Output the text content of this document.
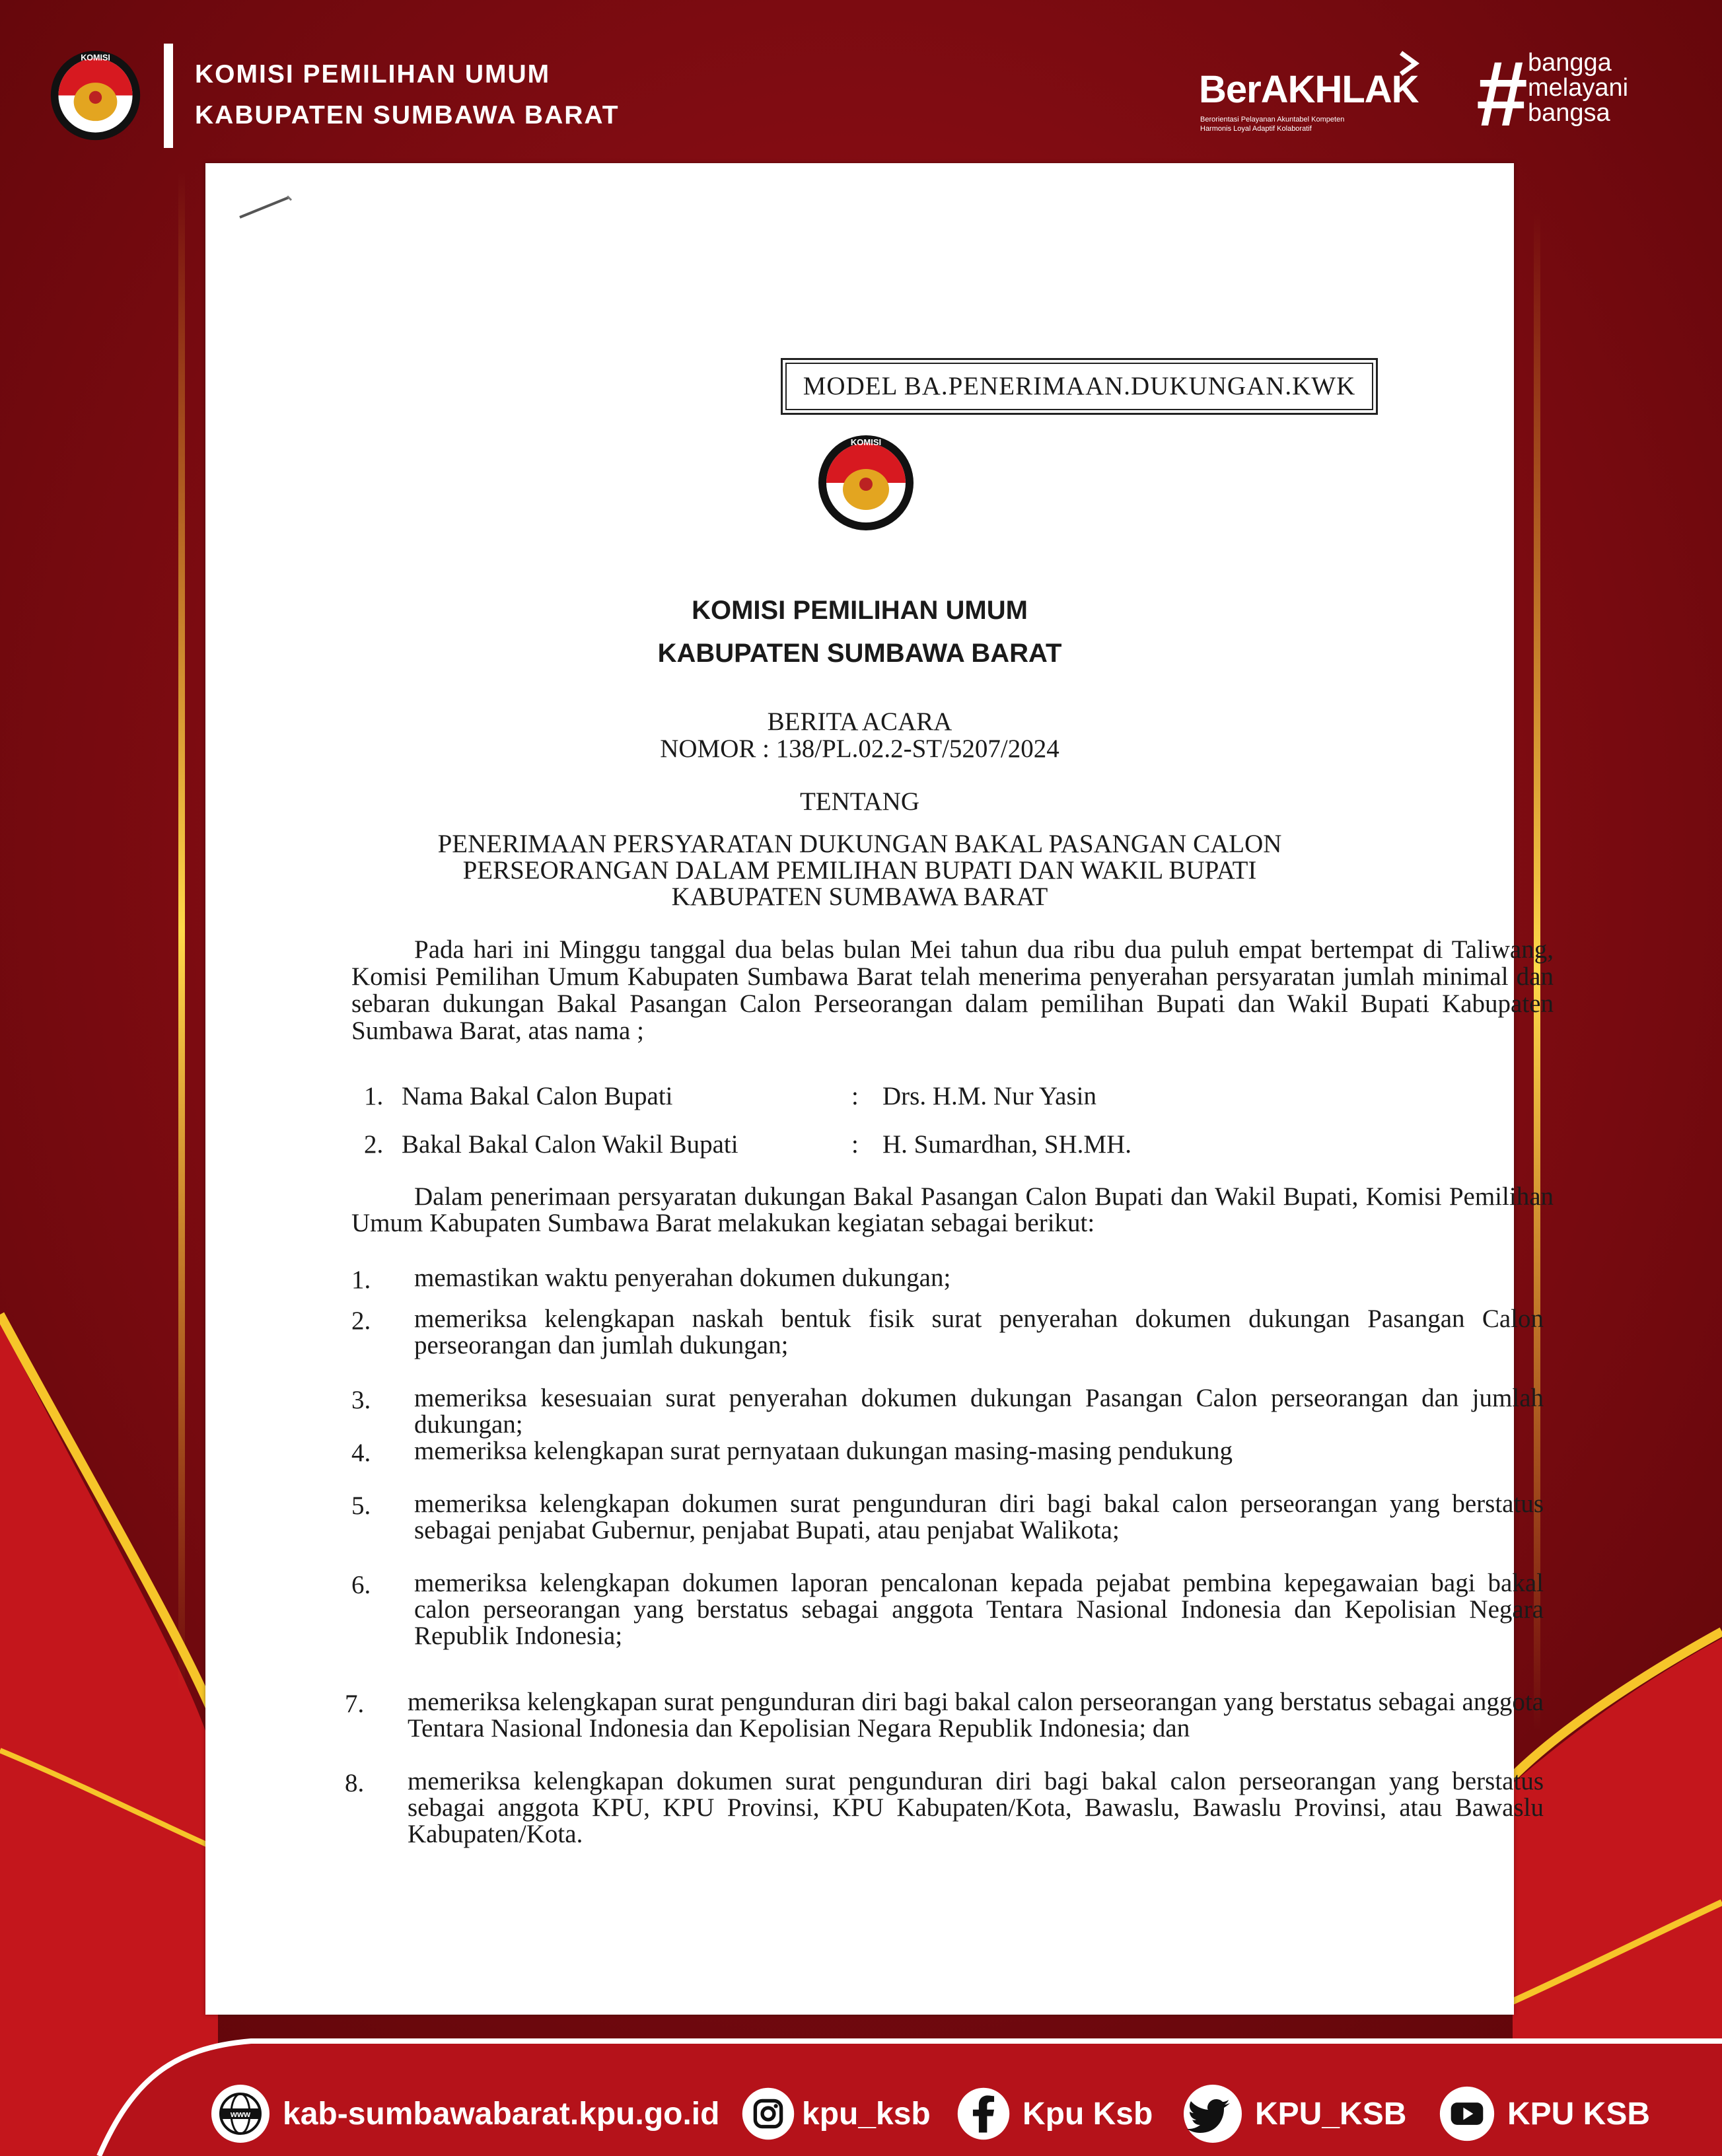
KOMISI
KOMISI PEMILIHAN UMUM
KABUPATEN SUMBAWA BARAT
BerAKHLAK
Berorientasi Pelayanan Akuntabel Kompeten
Harmonis Loyal Adaptif Kolaboratif	# bangga
melayani
bangsa
MODEL BA.PENERIMAAN.DUKUNGAN.KWK
KOMISI
KOMISI PEMILIHAN UMUM
KABUPATEN SUMBAWA BARAT
BERITA ACARA
NOMOR : 138/PL.02.2-ST/5207/2024
TENTANG
PENERIMAAN PERSYARATAN DUKUNGAN BAKAL PASANGAN CALON
PERSEORANGAN DALAM PEMILIHAN BUPATI DAN WAKIL BUPATI
KABUPATEN SUMBAWA BARAT
Pada hari ini Minggu tanggal dua belas bulan Mei tahun dua ribu dua puluh empat bertempat di Taliwang, Komisi Pemilihan Umum Kabupaten Sumbawa Barat telah menerima penyerahan persyaratan jumlah minimal dan sebaran dukungan Bakal Pasangan Calon Perseorangan dalam pemilihan Bupati dan Wakil Bupati Kabupaten Sumbawa Barat, atas nama ;
1. Nama Bakal Calon Bupati	: Drs. H.M. Nur Yasin
2. Bakal Bakal Calon Wakil Bupati	: H. Sumardhan, SH.MH.
Dalam penerimaan persyaratan dukungan Bakal Pasangan Calon Bupati dan Wakil Bupati, Komisi Pemilihan Umum Kabupaten Sumbawa Barat melakukan kegiatan sebagai berikut:
1. memastikan waktu penyerahan dokumen dukungan;
2. memeriksa kelengkapan naskah bentuk fisik surat penyerahan dokumen dukungan Pasangan Calon perseorangan dan jumlah dukungan;
3. memeriksa kesesuaian surat penyerahan dokumen dukungan Pasangan Calon perseorangan dan jumlah dukungan;
4. memeriksa kelengkapan surat pernyataan dukungan masing-masing pendukung
5. memeriksa kelengkapan dokumen surat pengunduran diri bagi bakal calon perseorangan yang berstatus sebagai penjabat Gubernur, penjabat Bupati, atau penjabat Walikota;
6. memeriksa kelengkapan dokumen laporan pencalonan kepada pejabat pembina kepegawaian bagi bakal calon perseorangan yang berstatus sebagai anggota Tentara Nasional Indonesia dan Kepolisian Negara Republik Indonesia;
7. memeriksa kelengkapan surat pengunduran diri bagi bakal calon perseorangan yang berstatus sebagai anggota Tentara Nasional Indonesia dan Kepolisian Negara Republik Indonesia; dan
8. memeriksa kelengkapan dokumen surat pengunduran diri bagi bakal calon perseorangan yang berstatus sebagai anggota KPU, KPU Provinsi, KPU Kabupaten/Kota, Bawaslu, Bawaslu Provinsi, atau Bawaslu Kabupaten/Kota.
www kab-sumbawabarat.kpu.go.id	kpu_ksb	Kpu Ksb	KPU_KSB	KPU KSB
